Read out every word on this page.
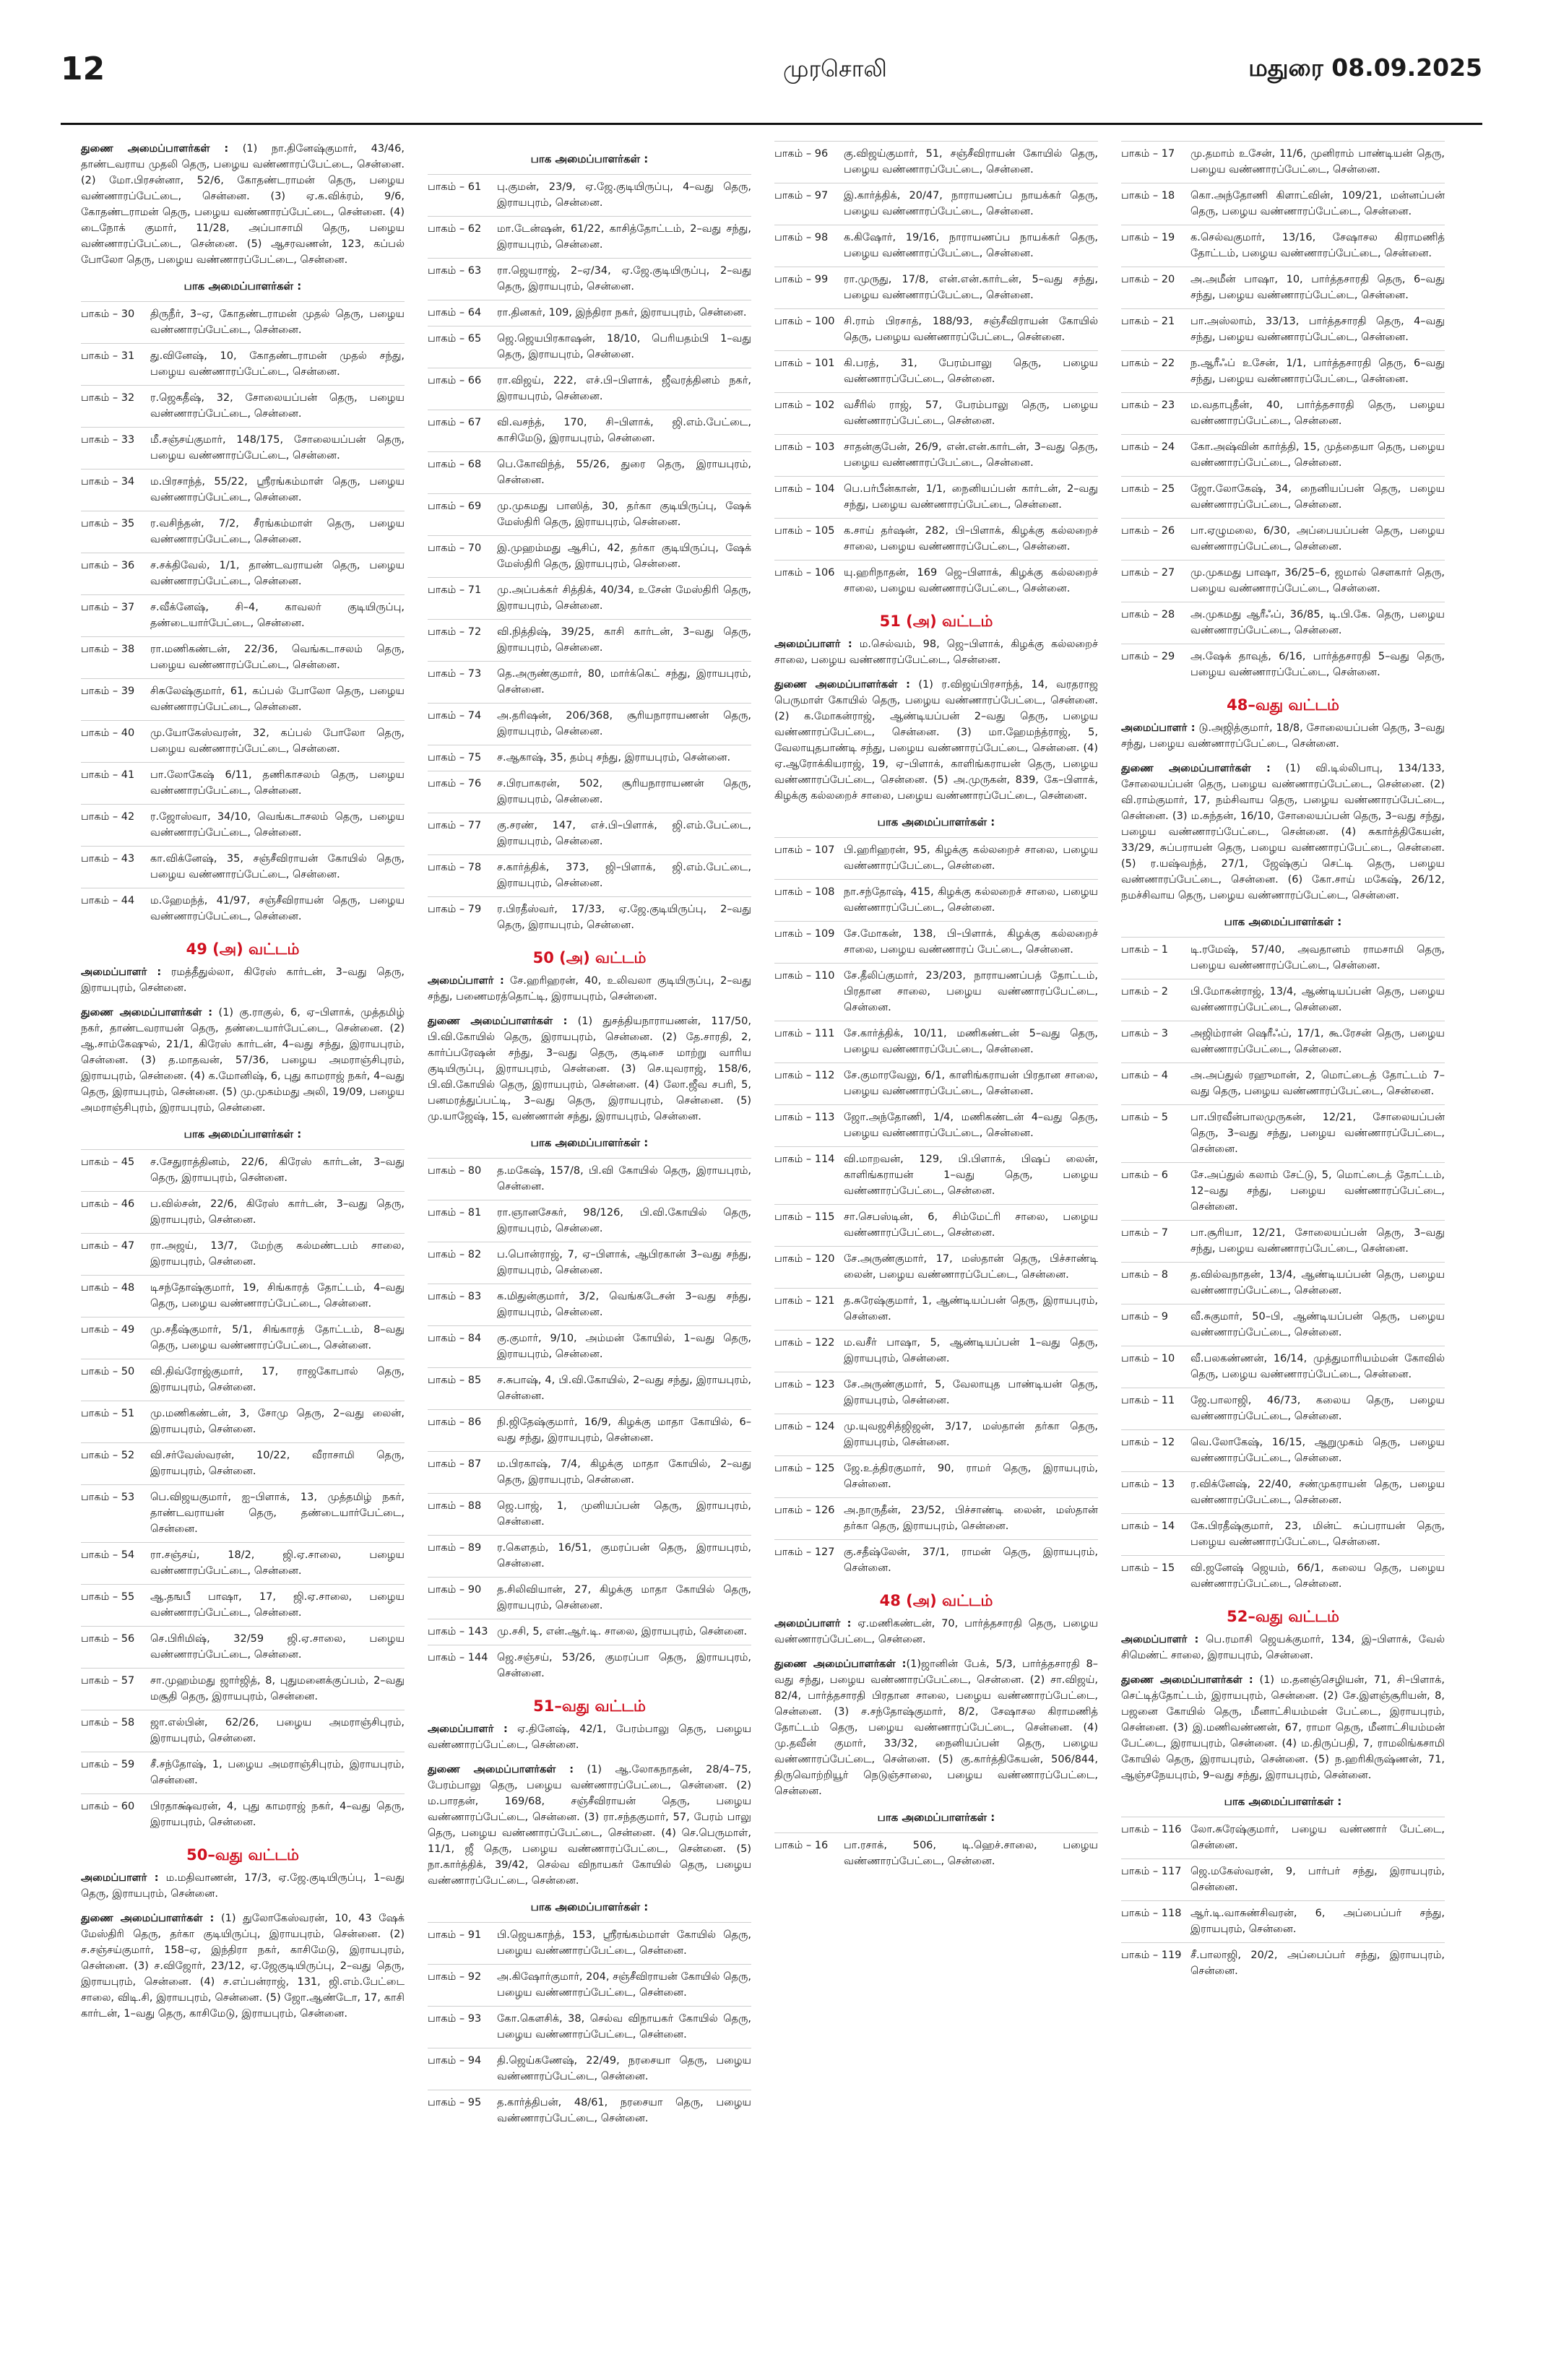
12	முரசொலி	மதுரை 08.09.2025
துணை அமைப்பாளர்கள் : (1) நா.தினேஷ்குமார், 43/46, தாண்டவராய முதலி தெரு, பழைய வண்ணாரப்பேட்டை, சென்னை. (2) மோ.பிரசன்னா, 52/6, கோதண்டராமன் தெரு, பழைய வண்ணாரப்பேட்டை, சென்னை. (3) ஏ.க.விக்ரம், 9/6, கோதண்டராமன் தெரு, பழைய வண்ணாரப்பேட்டை, சென்னை. (4) டைநோக் குமார், 11/28, அப்பாசாமி தெரு, பழைய வண்ணாரப்பேட்டை, சென்னை. (5) ஆசரவணன், 123, கப்பல் போலோ தெரு, பழைய வண்ணாரப்பேட்டை, சென்னை.
பாக அமைப்பாளர்கள் :
பாகம் – 30	திருநீர், 3–ஏ, கோதண்டராமன் முதல் தெரு, பழைய வண்ணாரப்பேட்டை, சென்னை.
பாகம் – 31	து.வினேஷ், 10, கோதண்டராமன் முதல் சந்து, பழைய வண்ணாரப்பேட்டை, சென்னை.
பாகம் – 32	ர.ஜெகதீஷ், 32, சோலையப்பன் தெரு, பழைய வண்ணாரப்பேட்டை, சென்னை.
பாகம் – 33	மீ.சஞ்சய்குமார், 148/175, சோலையப்பன் தெரு, பழைய வண்ணாரப்பேட்டை, சென்னை.
பாகம் – 34	ம.பிரசாந்த், 55/22, ஸ்ரீரங்கம்மாள் தெரு, பழைய வண்ணாரப்பேட்டை, சென்னை.
பாகம் – 35	ர.வசிந்தன், 7/2, சீரங்கம்மாள் தெரு, பழைய வண்ணாரப்பேட்டை, சென்னை.
பாகம் – 36	ச.சக்திவேல், 1/1, தாண்டவராயன் தெரு, பழைய வண்ணாரப்பேட்டை, சென்னை.
பாகம் – 37	ச.வீக்னேஷ், சி–4, காவலர் குடியிருப்பு, தண்டையார்பேட்டை, சென்னை.
பாகம் – 38	ரா.மணிகண்டன், 22/36, வெங்கடாசலம் தெரு, பழைய வண்ணாரப்பேட்டை, சென்னை.
பாகம் – 39	சிசுலேஷ்குமார், 61, கப்பல் போலோ தெரு, பழைய வண்ணாரப்பேட்டை, சென்னை.
பாகம் – 40	மு.யோகேஸ்வரன், 32, கப்பல் போலோ தெரு, பழைய வண்ணாரப்பேட்டை, சென்னை.
பாகம் – 41	பா.லோகேஷ் 6/11, தணிகாசலம் தெரு, பழைய வண்ணாரப்பேட்டை, சென்னை.
பாகம் – 42	ர.ஜோஸ்வா, 34/10, வெங்கடாசலம் தெரு, பழைய வண்ணாரப்பேட்டை, சென்னை.
பாகம் – 43	கா.விக்னேஷ், 35, சஞ்சீவிராயன் கோயில் தெரு, பழைய வண்ணாரப்பேட்டை, சென்னை.
பாகம் – 44	ம.ஹேமந்த், 41/97, சஞ்சீவிராயன் தெரு, பழைய வண்ணாரப்பேட்டை, சென்னை.
49 (அ) வட்டம்
அமைப்பாளர் : ரமத்தீதுல்லா, கிரேஸ் கார்டன், 3–வது தெரு, இராயபுரம், சென்னை.
துணை அமைப்பாளர்கள் : (1) கு.ராகுல், 6, ஏ–பிளாக், முத்தமிழ் நகர், தாண்டவராயன் தெரு, தண்டையார்பேட்டை, சென்னை. (2) ஆ.சாம்கேஷுல், 21/1, கிரேஸ் கார்டன், 4–வது சந்து, இராயபுரம், சென்னை. (3) த.மாதவன், 57/36, பழைய அமராஞ்சிபுரம், இராயபுரம், சென்னை. (4) க.மோனிஷ், 6, புது காமராஜ் நகர், 4–வது தெரு, இராயபுரம், சென்னை. (5) மு.முகம்மது அலி, 19/09, பழைய அமராஞ்சிபுரம், இராயபுரம், சென்னை.
பாக அமைப்பாளர்கள் :
பாகம் – 45	ச.சேதுராத்தினம், 22/6, கிரேஸ் கார்டன், 3–வது தெரு, இராயபுரம், சென்னை.
பாகம் – 46	ப.வில்சன், 22/6, கிரேஸ் கார்டன், 3–வது தெரு, இராயபுரம், சென்னை.
பாகம் – 47	ரா.அஜய், 13/7, மேற்கு கல்மண்டபம் சாலை, இராயபுரம், சென்னை.
பாகம் – 48	டிசந்தோஷ்குமார், 19, சிங்காரத் தோட்டம், 4–வது தெரு, பழைய வண்ணாரப்பேட்டை, சென்னை.
பாகம் – 49	மு.சதீஷ்குமார், 5/1, சிங்காரத் தோட்டம், 8–வது தெரு, பழைய வண்ணாரப்பேட்டை, சென்னை.
பாகம் – 50	வி.திவ்ரோஜ்குமார், 17, ராஜகோபால் தெரு, இராயபுரம், சென்னை.
பாகம் – 51	மு.மணிகண்டன், 3, சோமு தெரு, 2–வது லைன், இராயபுரம், சென்னை.
பாகம் – 52	வி.சர்வேஸ்வரன், 10/22, வீராசாமி தெரு, இராயபுரம், சென்னை.
பாகம் – 53	பெ.விஜயகுமார், ஐ–பிளாக், 13, முத்தமிழ் நகர், தாண்டவராயன் தெரு, தண்டையார்பேட்டை, சென்னை.
பாகம் – 54	ரா.சஞ்சய், 18/2, ஜி.ஏ.சாலை, பழைய வண்ணாரப்பேட்டை, சென்னை.
பாகம் – 55	ஆ.தஙபீ பாஷா, 17, ஜி.ஏ.சாலை, பழைய வண்ணாரப்பேட்டை, சென்னை.
பாகம் – 56	செ.பிரிமிஷ், 32/59 ஜி.ஏ.சாலை, பழைய வண்ணாரப்பேட்டை, சென்னை.
பாகம் – 57	சா.முஹம்மது ஜார்ஜித், 8, புதுமனைக்குப்பம், 2–வது மசூதி தெரு, இராயபுரம், சென்னை.
பாகம் – 58	ஜா.எல்பின், 62/26, பழைய அமராஞ்சிபுரம், இராயபுரம், சென்னை.
பாகம் – 59	சீ.சந்தோஷ், 1, பழைய அமராஞ்சிபுரம், இராயபுரம், சென்னை.
பாகம் – 60	பிரதாக்ஷ்வரன், 4, புது காமராஜ் நகர், 4–வது தெரு, இராயபுரம், சென்னை.
50–வது வட்டம்
அமைப்பாளர் : ம.மதிவாணன், 17/3, ஏ.ஜே.குடியிருப்பு, 1–வது தெரு, இராயபுரம், சென்னை.
துணை அமைப்பாளர்கள் : (1) துலோகேஸ்வரன், 10, 43 ஷேக் மேஸ்திரி தெரு, தர்கா குடியிருப்பு, இராயபுரம், சென்னை. (2) ச.சஞ்சய்குமார், 158–ஏ, இந்திரா நகர், காசிமேடு, இராயபுரம், சென்னை. (3) ச.விஜோர், 23/12, ஏ.ஜேகுடியிருப்பு, 2–வது தெரு, இராயபுரம், சென்னை. (4) ச.எப்பன்ராஜ், 131, ஜி.எம்.பேட்டை சாலை, விடி.சி, இராயபுரம், சென்னை. (5) ஜோ.ஆண்டோ, 17, காசி கார்டன், 1–வது தெரு, காசிமேடு, இராயபுரம், சென்னை.
பாக அமைப்பாளர்கள் :
பாகம் – 61	பு.குமன், 23/9, ஏ.ஜே.குடியிருப்பு, 4–வது தெரு, இராயபுரம், சென்னை.
பாகம் – 62	மா.டேன்ஷன், 61/22, காசித்தோட்டம், 2–வது சந்து, இராயபுரம், சென்னை.
பாகம் – 63	ரா.ஜெயராஜ், 2–ஏ/34, ஏ.ஜே.குடியிருப்பு, 2–வது தெரு, இராயபுரம், சென்னை.
பாகம் – 64	ரா.தினகர், 109, இந்திரா நகர், இராயபுரம், சென்னை.
பாகம் – 65	ஜெ.ஜெயபிரகாஷன், 18/10, பெரியதம்பி 1–வது தெரு, இராயபுரம், சென்னை.
பாகம் – 66	ரா.விஜய், 222, எச்.பி–பிளாக், ஜீவரத்தினம் நகர், இராயபுரம், சென்னை.
பாகம் – 67	வி.வசந்த், 170, சி–பிளாக், ஜி.எம்.பேட்டை, காசிமேடு, இராயபுரம், சென்னை.
பாகம் – 68	பெ.கோவிந்த், 55/26, துரை தெரு, இராயபுரம், சென்னை.
பாகம் – 69	மு.முகமது பாஸித், 30, தர்கா குடியிருப்பு, ஷேக் மேஸ்திரி தெரு, இராயபுரம், சென்னை.
பாகம் – 70	இ.முஹம்மது ஆசிப், 42, தர்கா குடியிருப்பு, ஷேக் மேஸ்திரி தெரு, இராயபுரம், சென்னை.
பாகம் – 71	மு.அப்பக்கர் சித்திக், 40/34, உசேன் மேஸ்திரி தெரு, இராயபுரம், சென்னை.
பாகம் – 72	வி.நித்திஷ், 39/25, காசி கார்டன், 3–வது தெரு, இராயபுரம், சென்னை.
பாகம் – 73	தெ.அருண்குமார், 80, மார்க்கெட் சந்து, இராயபுரம், சென்னை.
பாகம் – 74	அ.தரிஷன், 206/368, சூரியநாராயணன் தெரு, இராயபுரம், சென்னை.
பாகம் – 75	ச.ஆகாஷ், 35, தம்பு சந்து, இராயபுரம், சென்னை.
பாகம் – 76	ச.பிரபாகரன், 502, சூரியநாராயணன் தெரு, இராயபுரம், சென்னை.
பாகம் – 77	கு.சரண், 147, எச்.பி–பிளாக், ஜி.எம்.பேட்டை, இராயபுரம், சென்னை.
பாகம் – 78	ச.கார்த்திக், 373, ஜி–பிளாக், ஜி.எம்.பேட்டை, இராயபுரம், சென்னை.
பாகம் – 79	ர.பிரதீஸ்வர், 17/33, ஏ.ஜே.குடியிருப்பு, 2–வது தெரு, இராயபுரம், சென்னை.
50 (அ) வட்டம்
அமைப்பாளர் : சே.ஹரிஹரன், 40, உலிவலா குடியிருப்பு, 2–வது சந்து, பணைமரத்தொட்டி, இராயபுரம், சென்னை.
துணை அமைப்பாளர்கள் : (1) துசத்தியநாராயணன், 117/50, பி.வி.கோயில் தெரு, இராயபுரம், சென்னை. (2) தே.சாரதி, 2, கார்ப்பரேஷன் சந்து, 3–வது தெரு, குடிசை மாற்று வாரிய குடியிருப்பு, இராயபுரம், சென்னை. (3) செ.யுவராஜ், 158/6, பி.வி.கோயில் தெரு, இராயபுரம், சென்னை. (4) லோ.ஜீவ சபரி, 5, பனமரத்துப்பட்டி, 3–வது தெரு, இராயபுரம், சென்னை. (5) மு.யாஜேஷ், 15, வண்ணான் சந்து, இராயபுரம், சென்னை.
பாக அமைப்பாளர்கள் :
பாகம் – 80	த.மகேஷ், 157/8, பி.வி கோயில் தெரு, இராயபுரம், சென்னை.
பாகம் – 81	ரா.ஞானசேகர், 98/126, பி.வி.கோயில் தெரு, இராயபுரம், சென்னை.
பாகம் – 82	ப.பொன்ராஜ், 7, ஏ–பிளாக், ஆபிரகான் 3–வது சந்து, இராயபுரம், சென்னை.
பாகம் – 83	க.மிதுன்குமார், 3/2, வெங்கடேசன் 3–வது சந்து, இராயபுரம், சென்னை.
பாகம் – 84	கு.குமார், 9/10, அம்மன் கோயில், 1–வது தெரு, இராயபுரம், சென்னை.
பாகம் – 85	ச.சுபாஷ், 4, பி.வி.கோயில், 2–வது சந்து, இராயபுரம், சென்னை.
பாகம் – 86	நி.ஜிதேஷ்குமார், 16/9, கிழக்கு மாதா கோயில், 6–வது சந்து, இராயபுரம், சென்னை.
பாகம் – 87	ம.பிரகாஷ், 7/4, கிழக்கு மாதா கோயில், 2–வது தெரு, இராயபுரம், சென்னை.
பாகம் – 88	ஜெ.பாஜ், 1, முனியப்பன் தெரு, இராயபுரம், சென்னை.
பாகம் – 89	ர.கௌதம், 16/51, குமரப்பன் தெரு, இராயபுரம், சென்னை.
பாகம் – 90	த.சிலிவியான், 27, கிழக்கு மாதா கோயில் தெரு, இராயபுரம், சென்னை.
பாகம் – 143 மு.சசி, 5, என்.ஆர்.டி. சாலை, இராயபுரம், சென்னை.
பாகம் – 144 ஜெ.சஞ்சய், 53/26, குமரப்பா தெரு, இராயபுரம், சென்னை.
51–வது வட்டம்
அமைப்பாளர் : ஏ.தினேஷ், 42/1, பேரம்பாலு தெரு, பழைய வண்ணாரப்பேட்டை, சென்னை.
துணை அமைப்பாளர்கள் : (1) ஆ.லோகநாதன், 28/4–75, பேரம்பாலு தெரு, பழைய வண்ணாரப்பேட்டை, சென்னை. (2) ம.பாரதன், 169/68, சஞ்சீவிராயன் தெரு, பழைய வண்ணாரப்பேட்டை, சென்னை. (3) ரா.சந்தகுமார், 57, பேரம் பாலு தெரு, பழைய வண்ணாரப்பேட்டை, சென்னை. (4) செ.பெருமாள், 11/1, ஜீ தெரு, பழைய வண்ணாரப்பேட்டை, சென்னை. (5) நா.கார்த்திக், 39/42, செல்வ விநாயகர் கோயில் தெரு, பழைய வண்ணாரப்பேட்டை, சென்னை.
பாக அமைப்பாளர்கள் :
பாகம் – 91	பி.ஜெயகாந்த், 153, ஸ்ரீரங்கம்மாள் கோயில் தெரு, பழைய வண்ணாரப்பேட்டை, சென்னை.
பாகம் – 92	அ.கிஷோர்குமார், 204, சஞ்சீவிராயன் கோயில் தெரு, பழைய வண்ணாரப்பேட்டை, சென்னை.
பாகம் – 93	கோ.கௌசிக், 38, செல்வ விநாயகர் கோயில் தெரு, பழைய வண்ணாரப்பேட்டை, சென்னை.
பாகம் – 94	தி.ஜெய்கணேஷ், 22/49, நரசையா தெரு, பழைய வண்ணாரப்பேட்டை, சென்னை.
பாகம் – 95	த.கார்த்திபன், 48/61, நரசையா தெரு, பழைய வண்ணாரப்பேட்டை, சென்னை.
பாகம் – 96	கு.விஜய்குமார், 51, சஞ்சீவிராயன் கோயில் தெரு, பழைய வண்ணாரப்பேட்டை, சென்னை.
பாகம் – 97	இ.கார்த்திக், 20/47, நாராயணப்ப நாயக்கர் தெரு, பழைய வண்ணாரப்பேட்டை, சென்னை.
பாகம் – 98	க.கிஷோர், 19/16, நாராயணப்ப நாயக்கர் தெரு, பழைய வண்ணாரப்பேட்டை, சென்னை.
பாகம் – 99	ரா.முருது, 17/8, என்.என்.கார்டன், 5–வது சந்து, பழைய வண்ணாரப்பேட்டை, சென்னை.
பாகம் – 100 சி.ராம் பிரசாத், 188/93, சஞ்சீவிராயன் கோயில் தெரு, பழைய வண்ணாரப்பேட்டை, சென்னை.
பாகம் – 101 கி.பரத், 31, பேரம்பாலு தெரு, பழைய வண்ணாரப்பேட்டை, சென்னை.
பாகம் – 102 வசீரில் ராஜ், 57, பேரம்பாலு தெரு, பழைய வண்ணாரப்பேட்டை, சென்னை.
பாகம் – 103 சாதன்குபேன், 26/9, என்.என்.கார்டன், 3–வது தெரு, பழைய வண்ணாரப்பேட்டை, சென்னை.
பாகம் – 104 பெ.பர்பீன்கான், 1/1, நைனியப்பன் கார்டன், 2–வது சந்து, பழைய வண்ணாரப்பேட்டை, சென்னை.
பாகம் – 105 க.சாய் தர்ஷன், 282, பி–பிளாக், கிழக்கு கல்லறைச் சாலை, பழைய வண்ணாரப்பேட்டை, சென்னை.
பாகம் – 106 யு.ஹரிநாதன், 169 ஜெ–பிளாக், கிழக்கு கல்லறைச் சாலை, பழைய வண்ணாரப்பேட்டை, சென்னை.
51 (அ) வட்டம்
அமைப்பாளர் : ம.செல்வம், 98, ஜெ–பிளாக், கிழக்கு கல்லறைச் சாலை, பழைய வண்ணாரப்பேட்டை, சென்னை.
துணை அமைப்பாளர்கள் : (1) ர.விஜய்பிரசாந்த், 14, வரதராஜ பெருமாள் கோயில் தெரு, பழைய வண்ணாரப்பேட்டை, சென்னை. (2) க.மோகன்ராஜ், ஆண்டியப்பன் 2–வது தெரு, பழைய வண்ணாரப்பேட்டை, சென்னை. (3) மா.ஹேமந்த்ராஜ், 5, வேலாயுதபாண்டி சந்து, பழைய வண்ணாரப்பேட்டை, சென்னை. (4) ஏ.ஆரோக்கியராஜ், 19, ஏ–பிளாக், காளிங்கராயன் தெரு, பழைய வண்ணாரப்பேட்டை, சென்னை. (5) அ.முருகன், 839, கே–பிளாக், கிழக்கு கல்லறைச் சாலை, பழைய வண்ணாரப்பேட்டை, சென்னை.
பாக அமைப்பாளர்கள் :
பாகம் – 107 பி.ஹரிஹரன், 95, கிழக்கு கல்லறைச் சாலை, பழைய வண்ணாரப்பேட்டை, சென்னை.
பாகம் – 108 நா.சந்தோஷ், 415, கிழக்கு கல்லறைச் சாலை, பழைய வண்ணாரப்பேட்டை, சென்னை.
பாகம் – 109 சே.மோகன், 138, பி–பிளாக், கிழக்கு கல்லறைச் சாலை, பழைய வண்ணாரப் பேட்டை, சென்னை.
பாகம் – 110 சே.தீலிப்குமார், 23/203, நாராயணப்பத் தோட்டம், பிரதான சாலை, பழைய வண்ணாரப்பேட்டை, சென்னை.
பாகம் – 111 சே.கார்த்திக், 10/11, மணிகண்டன் 5–வது தெரு, பழைய வண்ணாரப்பேட்டை, சென்னை.
பாகம் – 112 சே.குமாரவேலு, 6/1, காளிங்கராயன் பிரதான சாலை, பழைய வண்ணாரப்பேட்டை, சென்னை.
பாகம் – 113 ஜோ.அந்தோணி, 1/4, மணிகண்டன் 4–வது தெரு, பழைய வண்ணாரப்பேட்டை, சென்னை.
பாகம் – 114 வி.மாறவன், 129, பி.பிளாக், பிஷப் லைன், காளிங்கராயன் 1–வது தெரு, பழைய வண்ணாரப்பேட்டை, சென்னை.
பாகம் – 115 சா.செபஸ்டின், 6, சிம்மேட்ரி சாலை, பழைய வண்ணாரப்பேட்டை, சென்னை.
பாகம் – 120 சே.அருண்குமார், 17, மஸ்தான் தெரு, பிச்சாண்டி லைன், பழைய வண்ணாரப்பேட்டை, சென்னை.
பாகம் – 121 த.சுரேஷ்குமார், 1, ஆண்டியப்பன் தெரு, இராயபுரம், சென்னை.
பாகம் – 122 ம.வசீர் பாஷா, 5, ஆண்டியப்பன் 1–வது தெரு, இராயபுரம், சென்னை.
பாகம் – 123 சே.அருண்குமார், 5, வேலாயுத பாண்டியன் தெரு, இராயபுரம், சென்னை.
பாகம் – 124 மு.யுவஜசித்ஜிஜன், 3/17, மஸ்தான் தர்கா தெரு, இராயபுரம், சென்னை.
பாகம் – 125 ஜே.உத்திரகுமார், 90, ராமர் தெரு, இராயபுரம், சென்னை.
பாகம் – 126 அ.நாருதீன், 23/52, பிச்சாண்டி லைன், மஸ்தான் தர்கா தெரு, இராயபுரம், சென்னை.
பாகம் – 127 கு.சதீஷ்லேன், 37/1, ராமன் தெரு, இராயபுரம், சென்னை.
48 (அ) வட்டம்
அமைப்பாளர் : ஏ.மணிகண்டன், 70, பார்த்தசாரதி தெரு, பழைய வண்ணாரப்பேட்டை, சென்னை.
துணை அமைப்பாளர்கள் :(1)ஜானின் பேக், 5/3, பார்த்தசாரதி 8–வது சந்து, பழைய வண்ணாரப்பேட்டை, சென்னை. (2) சா.விஜய், 82/4, பார்த்தசாரதி பிரதான சாலை, பழைய வண்ணாரப்பேட்டை, சென்னை. (3) ச.சந்தோஷ்குமார், 8/2, சேஷாசல கிராமணித் தோட்டம் தெரு, பழைய வண்ணாரப்பேட்டை, சென்னை. (4) மு.தவீன் குமார், 33/32, நைனியப்பன் தெரு, பழைய வண்ணாரப்பேட்டை, சென்னை. (5) கு.கார்த்திகேயன், 506/844, திருவொற்றியூர் நெடுஞ்சாலை, பழைய வண்ணாரப்பேட்டை, சென்னை.
பாக அமைப்பாளர்கள் :
பாகம் – 16	பா.ரசாக், 506, டி.ஹெச்.சாலை, பழைய வண்ணாரப்பேட்டை, சென்னை.
பாகம் – 17	மு.தமாம் உசேன், 11/6, முனிராம் பாண்டியன் தெரு, பழைய வண்ணாரப்பேட்டை, சென்னை.
பாகம் – 18	கொ.அந்தோணி கிளாட்வின், 109/21, மன்னப்பன் தெரு, பழைய வண்ணாரப்பேட்டை, சென்னை.
பாகம் – 19	க.செல்வகுமார், 13/16, சேஷாசல கிராமணித் தோட்டம், பழைய வண்ணாரப்பேட்டை, சென்னை.
பாகம் – 20	அ.அமீன் பாஷா, 10, பார்த்தசாரதி தெரு, 6–வது சந்து, பழைய வண்ணாரப்பேட்டை, சென்னை.
பாகம் – 21	பா.அஸ்லாம், 33/13, பார்த்தசாரதி தெரு, 4–வது சந்து, பழைய வண்ணாரப்பேட்டை, சென்னை.
பாகம் – 22	ந.ஆரீஃப் உசேன், 1/1, பார்த்தசாரதி தெரு, 6–வது சந்து, பழைய வண்ணாரப்பேட்டை, சென்னை.
பாகம் – 23	ம.வதாபுதீன், 40, பார்த்தசாரதி தெரு, பழைய வண்ணாரப்பேட்டை, சென்னை.
பாகம் – 24	கோ.அஷ்வின் கார்த்தி, 15, முத்தையா தெரு, பழைய வண்ணாரப்பேட்டை, சென்னை.
பாகம் – 25	ஜோ.லோகேஷ், 34, நைனியப்பன் தெரு, பழைய வண்ணாரப்பேட்டை, சென்னை.
பாகம் – 26	பா.ஏழுமலை, 6/30, அப்பையப்பன் தெரு, பழைய வண்ணாரப்பேட்டை, சென்னை.
பாகம் – 27	மு.முகமது பாஷா, 36/25–6, ஜமால் சௌகார் தெரு, பழைய வண்ணாரப்பேட்டை, சென்னை.
பாகம் – 28	அ.முகமது ஆரீஃப், 36/85, டி.பி.கே. தெரு, பழைய வண்ணாரப்பேட்டை, சென்னை.
பாகம் – 29	அ.ஷேக் தாவுத், 6/16, பார்த்தசாரதி 5–வது தெரு, பழைய வண்ணாரப்பேட்டை, சென்னை.
48–வது வட்டம்
அமைப்பாளர் : டு.அஜித்குமார், 18/8, சோலையப்பன் தெரு, 3–வது சந்து, பழைய வண்ணாரப்பேட்டை, சென்னை.
துணை அமைப்பாளர்கள் : (1) வி.டில்லிபாபு, 134/133, சோலையப்பன் தெரு, பழைய வண்ணாரப்பேட்டை, சென்னை. (2) வி.ராம்குமார், 17, நம்சிவாய தெரு, பழைய வண்ணாரப்பேட்டை, சென்னை. (3) ம.சுந்தன், 16/10, சோலையப்பன் தெரு, 3–வது சந்து, பழைய வண்ணாரப்பேட்டை, சென்னை. (4) சுகார்த்திகேயன், 33/29, சுப்பராயன் தெரு, பழைய வண்ணாரப்பேட்டை, சென்னை. (5) ர.யஷ்வந்த், 27/1, ஜேஷ்குப் செட்டி தெரு, பழைய வண்ணாரப்பேட்டை, சென்னை. (6) கோ.சாய் மகேஷ், 26/12, நமச்சிவாய தெரு, பழைய வண்ணாரப்பேட்டை, சென்னை.
பாக அமைப்பாளர்கள் :
பாகம் – 1	டி.ரமேஷ், 57/40, அவதானம் ராமசாமி தெரு, பழைய வண்ணாரப்பேட்டை, சென்னை.
பாகம் – 2	பி.மோகன்ராஜ், 13/4, ஆண்டியப்பன் தெரு, பழைய வண்ணாரப்பேட்டை, சென்னை.
பாகம் – 3	அஜிம்ரான் ஷெரீஃப், 17/1, கூ.ரேசன் தெரு, பழைய வண்ணாரப்பேட்டை, சென்னை.
பாகம் – 4	அ.அப்துல் ரஹுமான், 2, மொட்டைத் தோட்டம் 7–வது தெரு, பழைய வண்ணாரப்பேட்டை, சென்னை.
பாகம் – 5	பா.பிரவீன்பாலமுருகன், 12/21, சோலையப்பன் தெரு, 3–வது சந்து, பழைய வண்ணாரப்பேட்டை, சென்னை.
பாகம் – 6	சே.அப்துல் கலாம் சேட்டு, 5, மொட்டைத் தோட்டம், 12–வது சந்து, பழைய வண்ணாரப்பேட்டை, சென்னை.
பாகம் – 7	பா.சூரியா, 12/21, சோலையப்பன் தெரு, 3–வது சந்து, பழைய வண்ணாரப்பேட்டை, சென்னை.
பாகம் – 8	த.வில்வநாதன், 13/4, ஆண்டியப்பன் தெரு, பழைய வண்ணாரப்பேட்டை, சென்னை.
பாகம் – 9	வீ.சுகுமார், 50–பி, ஆண்டியப்பன் தெரு, பழைய வண்ணாரப்பேட்டை, சென்னை.
பாகம் – 10	வீ.பலகண்ணன், 16/14, முத்துமாரியம்மன் கோவில் தெரு, பழைய வண்ணாரப்பேட்டை, சென்னை.
பாகம் – 11	ஜே.பாலாஜி, 46/73, கலைய தெரு, பழைய வண்ணாரப்பேட்டை, சென்னை.
பாகம் – 12	வெ.லோகேஷ், 16/15, ஆறுமுகம் தெரு, பழைய வண்ணாரப்பேட்டை, சென்னை.
பாகம் – 13	ர.விக்னேஷ், 22/40, சண்முகராயன் தெரு, பழைய வண்ணாரப்பேட்டை, சென்னை.
பாகம் – 14	கே.பிரதீஷ்குமார், 23, மின்ட் சுப்பராயன் தெரு, பழைய வண்ணாரப்பேட்டை, சென்னை.
பாகம் – 15	வி.ஜனேஷ் ஜெயம், 66/1, கலைய தெரு, பழைய வண்ணாரப்பேட்டை, சென்னை.
52–வது வட்டம்
அமைப்பாளர் : பெ.ரமாசி ஜெயக்குமார், 134, இ–பிளாக், வேல் சிமெண்ட் சாலை, இராயபுரம், சென்னை.
துணை அமைப்பாளர்கள் : (1) ம.தனஞ்செழியன், 71, சி–பிளாக், செட்டித்தோட்டம், இராயபுரம், சென்னை. (2) சே.இளஞ்சூரியன், 8, பஜனை கோயில் தெரு, மீனாட்சியம்மன் பேட்டை, இராயபுரம், சென்னை. (3) இ.மணிவண்ணன், 67, ராமா தெரு, மீனாட்சியம்மன் பேட்டை, இராயபுரம், சென்னை. (4) ம.திருப்பதி, 7, ராமலிங்கசாமி கோயில் தெரு, இராயபுரம், சென்னை. (5) ந.ஹரிகிருஷ்ணன், 71, ஆஞ்சநேயபுரம், 9–வது சந்து, இராயபுரம், சென்னை.
பாக அமைப்பாளர்கள் :
பாகம் – 116 லோ.சுரேஷ்குமார், பழைய வண்ணார் பேட்டை, சென்னை.
பாகம் – 117 ஜெ.மகேஸ்வரன், 9, பார்பர் சந்து, இராயபுரம், சென்னை.
பாகம் – 118 ஆர்.டி.வாசுண்சிவரன், 6, அப்பைப்பர் சந்து, இராயபுரம், சென்னை.
பாகம் – 119 சீ.பாலாஜி, 20/2, அப்பைப்பர் சந்து, இராயபுரம், சென்னை.
